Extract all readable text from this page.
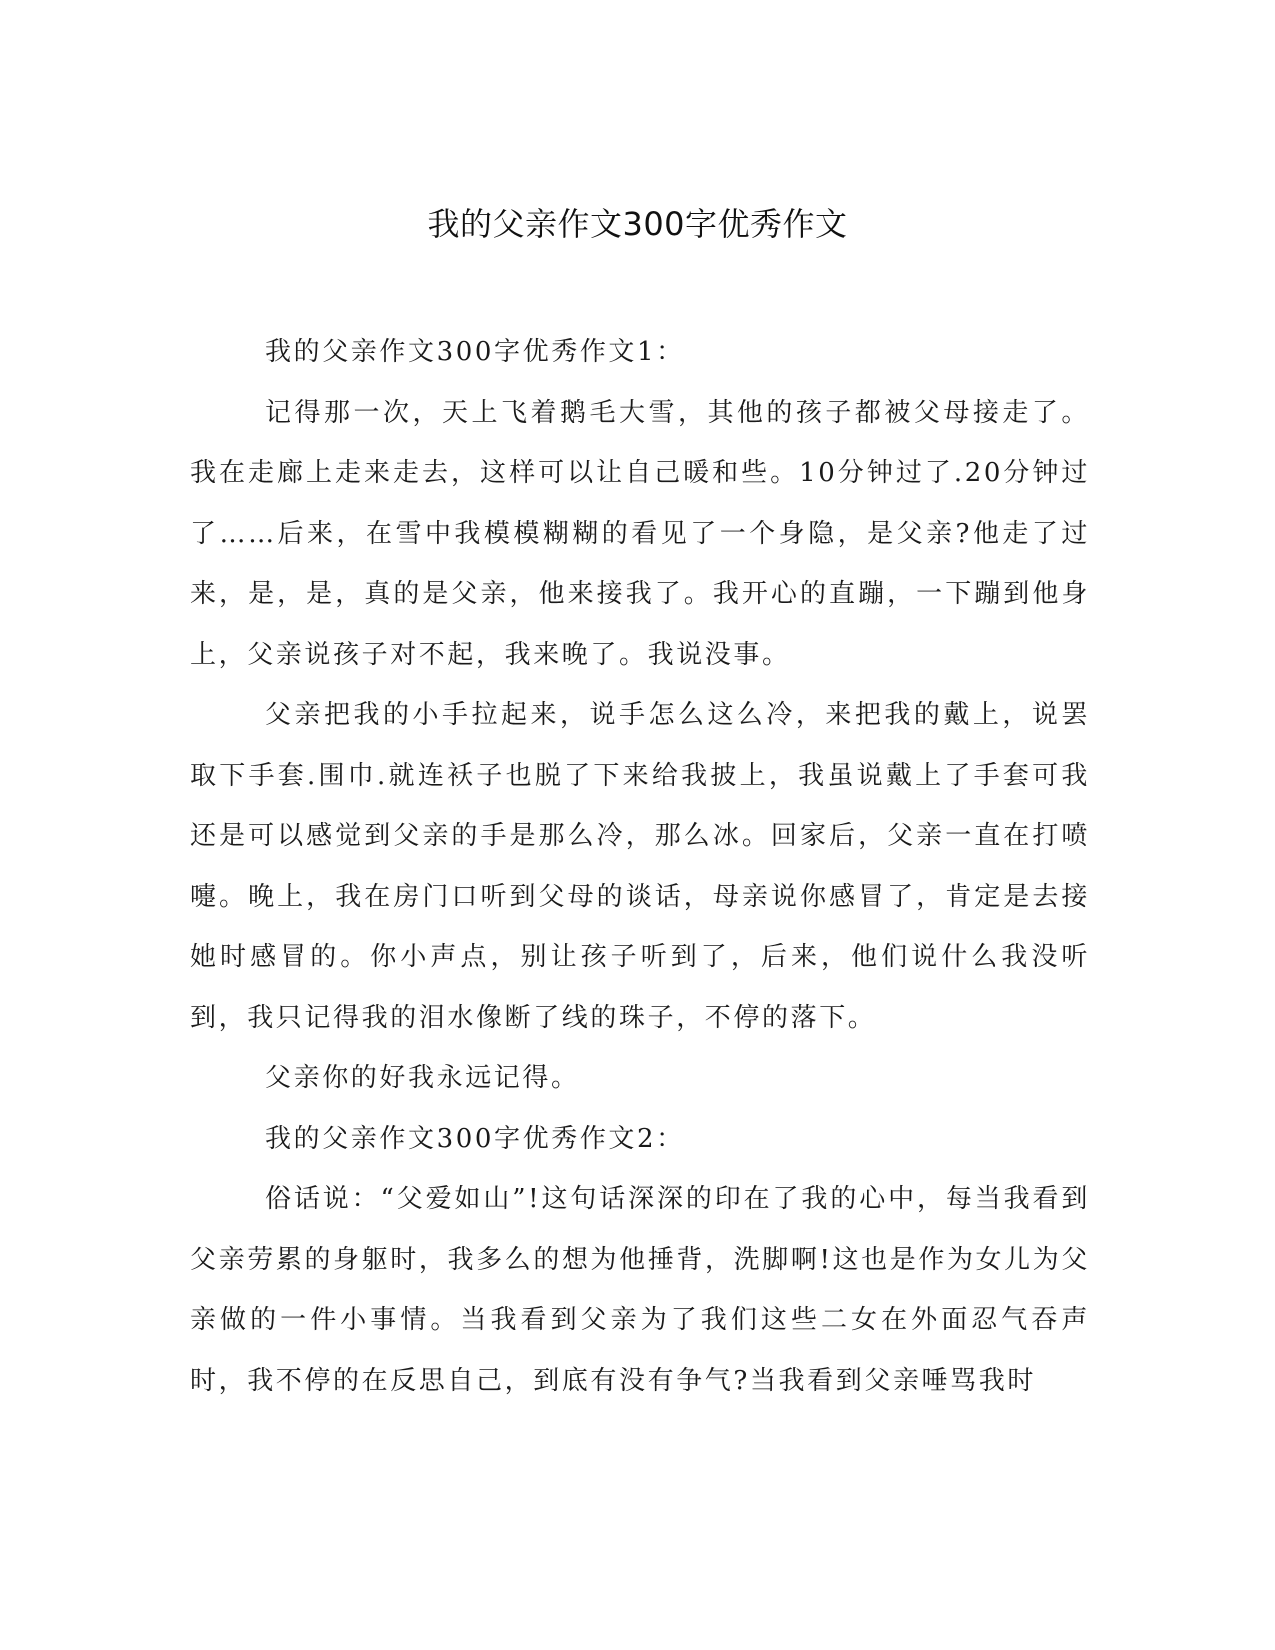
我的父亲作文300字优秀作文

我的父亲作文300字优秀作文1：

记得那一次，天上飞着鹅毛大雪，其他的孩子都被父母接走了。我在走廊上走来走去，这样可以让自己暖和些。10分钟过了.20分钟过了……后来，在雪中我模模糊糊的看见了一个身隐，是父亲?他走了过来，是，是，真的是父亲，他来接我了。我开心的直蹦，一下蹦到他身上，父亲说孩子对不起，我来晚了。我说没事。

父亲把我的小手拉起来，说手怎么这么冷，来把我的戴上，说罢取下手套.围巾.就连袄子也脱了下来给我披上，我虽说戴上了手套可我还是可以感觉到父亲的手是那么冷，那么冰。回家后，父亲一直在打喷嚏。晚上，我在房门口听到父母的谈话，母亲说你感冒了，肯定是去接她时感冒的。你小声点，别让孩子听到了，后来，他们说什么我没听到，我只记得我的泪水像断了线的珠子，不停的落下。

父亲你的好我永远记得。

我的父亲作文300字优秀作文2：

俗话说：“父爱如山”!这句话深深的印在了我的心中，每当我看到父亲劳累的身躯时，我多么的想为他捶背，洗脚啊!这也是作为女儿为父亲做的一件小事情。当我看到父亲为了我们这些二女在外面忍气吞声时，我不停的在反思自己，到底有没有争气?当我看到父亲唾骂我时
